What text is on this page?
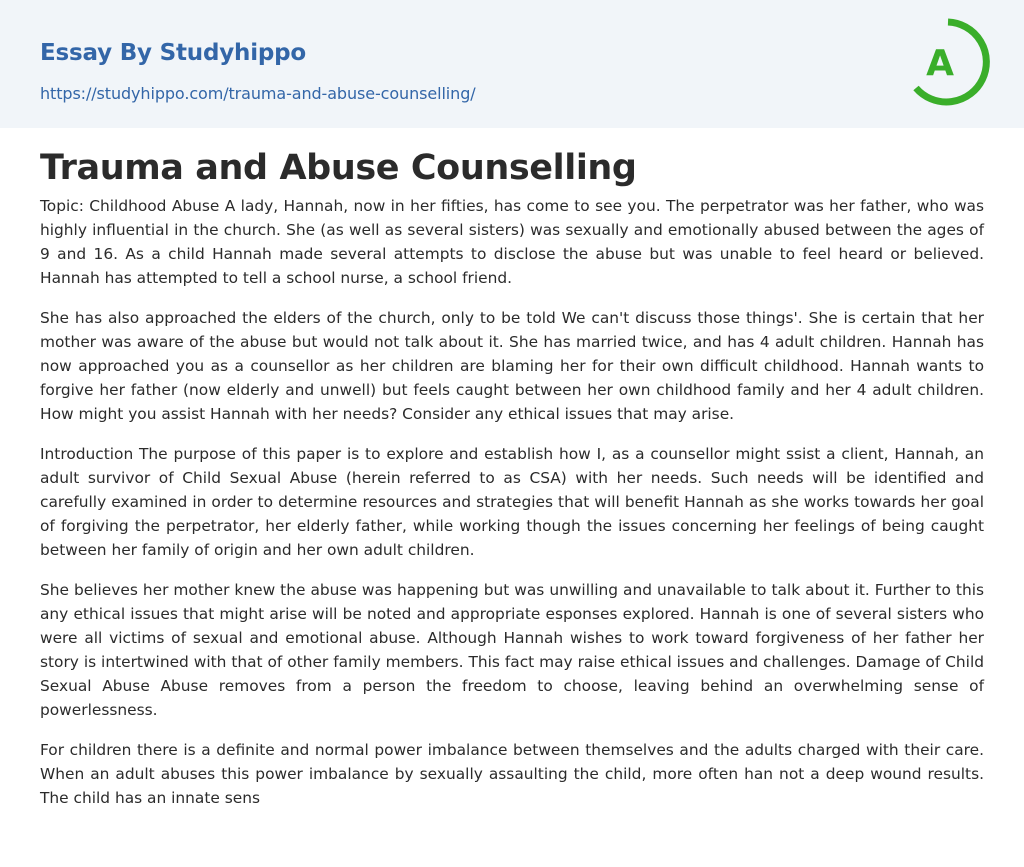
Essay By Studyhippo
https://studyhippo.com/trauma-and-abuse-counselling/
A
Trauma and Abuse Counselling

Topic: Childhood Abuse A lady, Hannah, now in her fifties, has come to see you. The perpetrator was her father, who was highly influential in the church. She (as well as several sisters) was sexually and emotionally abused between the ages of 9 and 16. As a child Hannah made several attempts to disclose the abuse but was unable to feel heard or believed. Hannah has attempted to tell a school nurse, a school friend.

She has also approached the elders of the church, only to be told We can't discuss those things'. She is certain that her mother was aware of the abuse but would not talk about it. She has married twice, and has 4 adult children. Hannah has now approached you as a counsellor as her children are blaming her for their own difficult childhood. Hannah wants to forgive her father (now elderly and unwell) but feels caught between her own childhood family and her 4 adult children. How might you assist Hannah with her needs? Consider any ethical issues that may arise.

Introduction The purpose of this paper is to explore and establish how I, as a counsellor might ssist a client, Hannah, an adult survivor of Child Sexual Abuse (herein referred to as CSA) with her needs. Such needs will be identified and carefully examined in order to determine resources and strategies that will benefit Hannah as she works towards her goal of forgiving the perpetrator, her elderly father, while working though the issues concerning her feelings of being caught between her family of origin and her own adult children.

She believes her mother knew the abuse was happening but was unwilling and unavailable to talk about it. Further to this any ethical issues that might arise will be noted and appropriate esponses explored. Hannah is one of several sisters who were all victims of sexual and emotional abuse. Although Hannah wishes to work toward forgiveness of her father her story is intertwined with that of other family members. This fact may raise ethical issues and challenges. Damage of Child Sexual Abuse Abuse removes from a person the freedom to choose, leaving behind an overwhelming sense of powerlessness.

For children there is a definite and normal power imbalance between themselves and the adults charged with their care. When an adult abuses this power imbalance by sexually assaulting the child, more often han not a deep wound results. The child has an innate sens
